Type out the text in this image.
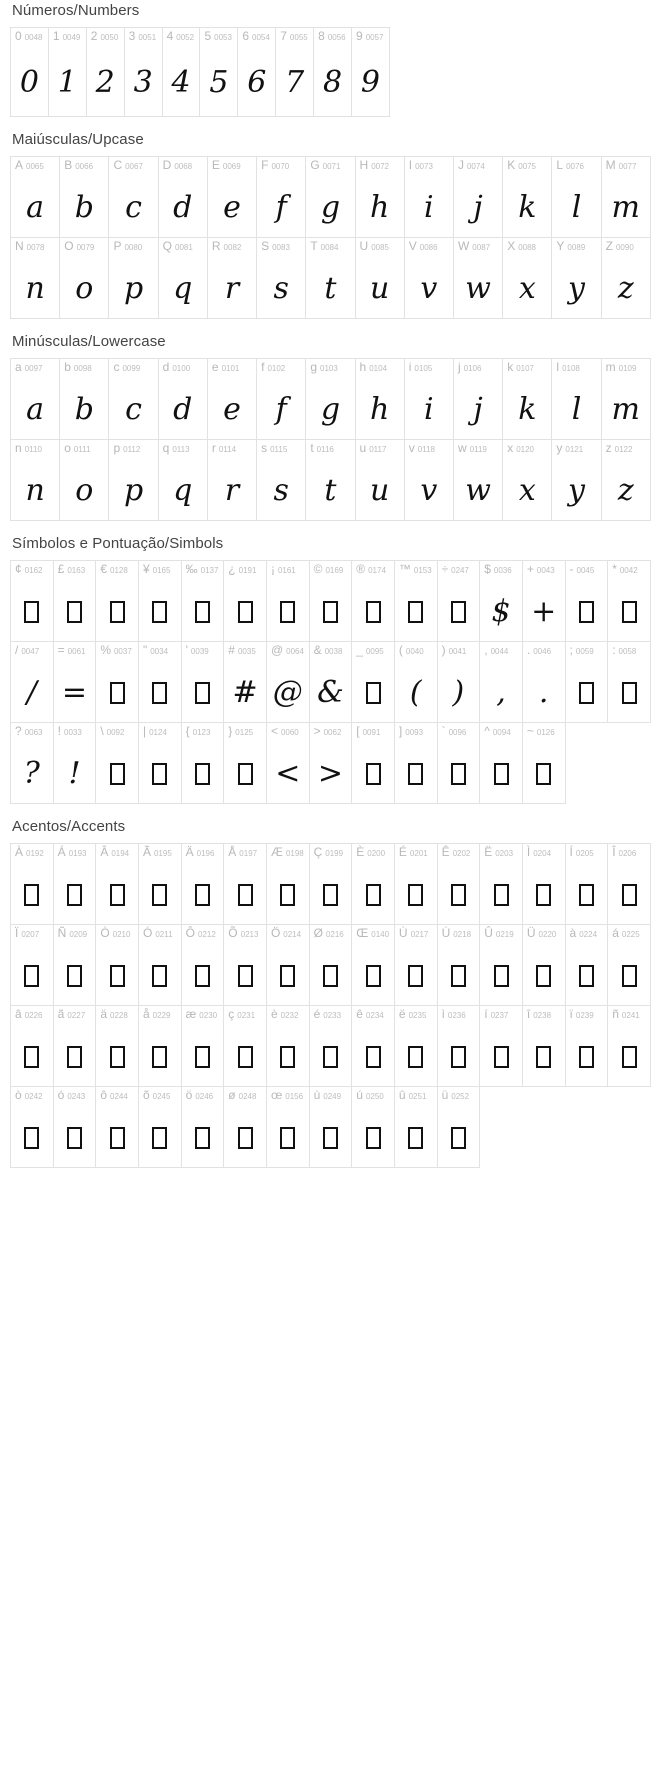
Números/Numbers
0 0048
0
1 0049
1
2 0050
2
3 0051
3
4 0052
4
5 0053
5
6 0054
6
7 0055
7
8 0056
8
9 0057
9
Maiúsculas/Upcase
A 0065
a
B 0066
b
C 0067
c
D 0068
d
E 0069
e
F 0070
f
G 0071
g
H 0072
h
I 0073
i
J 0074
j
K 0075
k
L 0076
l
M 0077
m
N 0078
n
O 0079
o
P 0080
p
Q 0081
q
R 0082
r
S 0083
s
T 0084
t
U 0085
u
V 0086
v
W 0087
w
X 0088
x
Y 0089
y
Z 0090
z
Minúsculas/Lowercase
a 0097
a
b 0098
b
c 0099
c
d 0100
d
e 0101
e
f 0102
f
g 0103
g
h 0104
h
i 0105
i
j 0106
j
k 0107
k
l 0108
l
m 0109
m
n 0110
n
o 0111
o
p 0112
p
q 0113
q
r 0114
r
s 0115
s
t 0116
t
u 0117
u
v 0118
v
w 0119
w
x 0120
x
y 0121
y
z 0122
z
Símbolos e Pontuação/Simbols
¢ 0162 £ 0163 € 0128 ¥ 0165 ‰ 0137 ¿ 0191 ¡ 0161 © 0169 ® 0174 ™ 0153 ÷ 0247 $ 0036
$
+ 0043
+
- 0045 * 0042
/ 0047
/
= 0061
=
% 0037 " 0034 ' 0039 # 0035
#
@ 0064
@
& 0038
&
_ 0095 ( 0040
(
) 0041
)
, 0044
,
. 0046
.
; 0059 : 0058
? 0063
?
! 0033
!
\ 0092 | 0124 { 0123 } 0125 < 0060
<
> 0062
>
[ 0091 ] 0093 ` 0096 ^ 0094 ~ 0126
Acentos/Accents
À 0192 Á 0193 Â 0194 Ã 0195 Ä 0196 Å 0197 Æ 0198 Ç 0199 È 0200 É 0201 Ê 0202 Ë 0203 Ì 0204 Í 0205 Î 0206
Ï 0207 Ñ 0209 Ò 0210 Ó 0211 Ô 0212 Õ 0213 Ö 0214 Ø 0216 Œ 0140 Ù 0217 Ú 0218 Û 0219 Ü 0220 à 0224 á 0225
â 0226 ã 0227 ä 0228 å 0229 æ 0230 ç 0231 è 0232 é 0233 ê 0234 ë 0235 ì 0236 í 0237 î 0238 ï 0239 ñ 0241
ò 0242 ó 0243 ô 0244 õ 0245 ö 0246 ø 0248 œ 0156 ù 0249 ú 0250 û 0251 ü 0252
